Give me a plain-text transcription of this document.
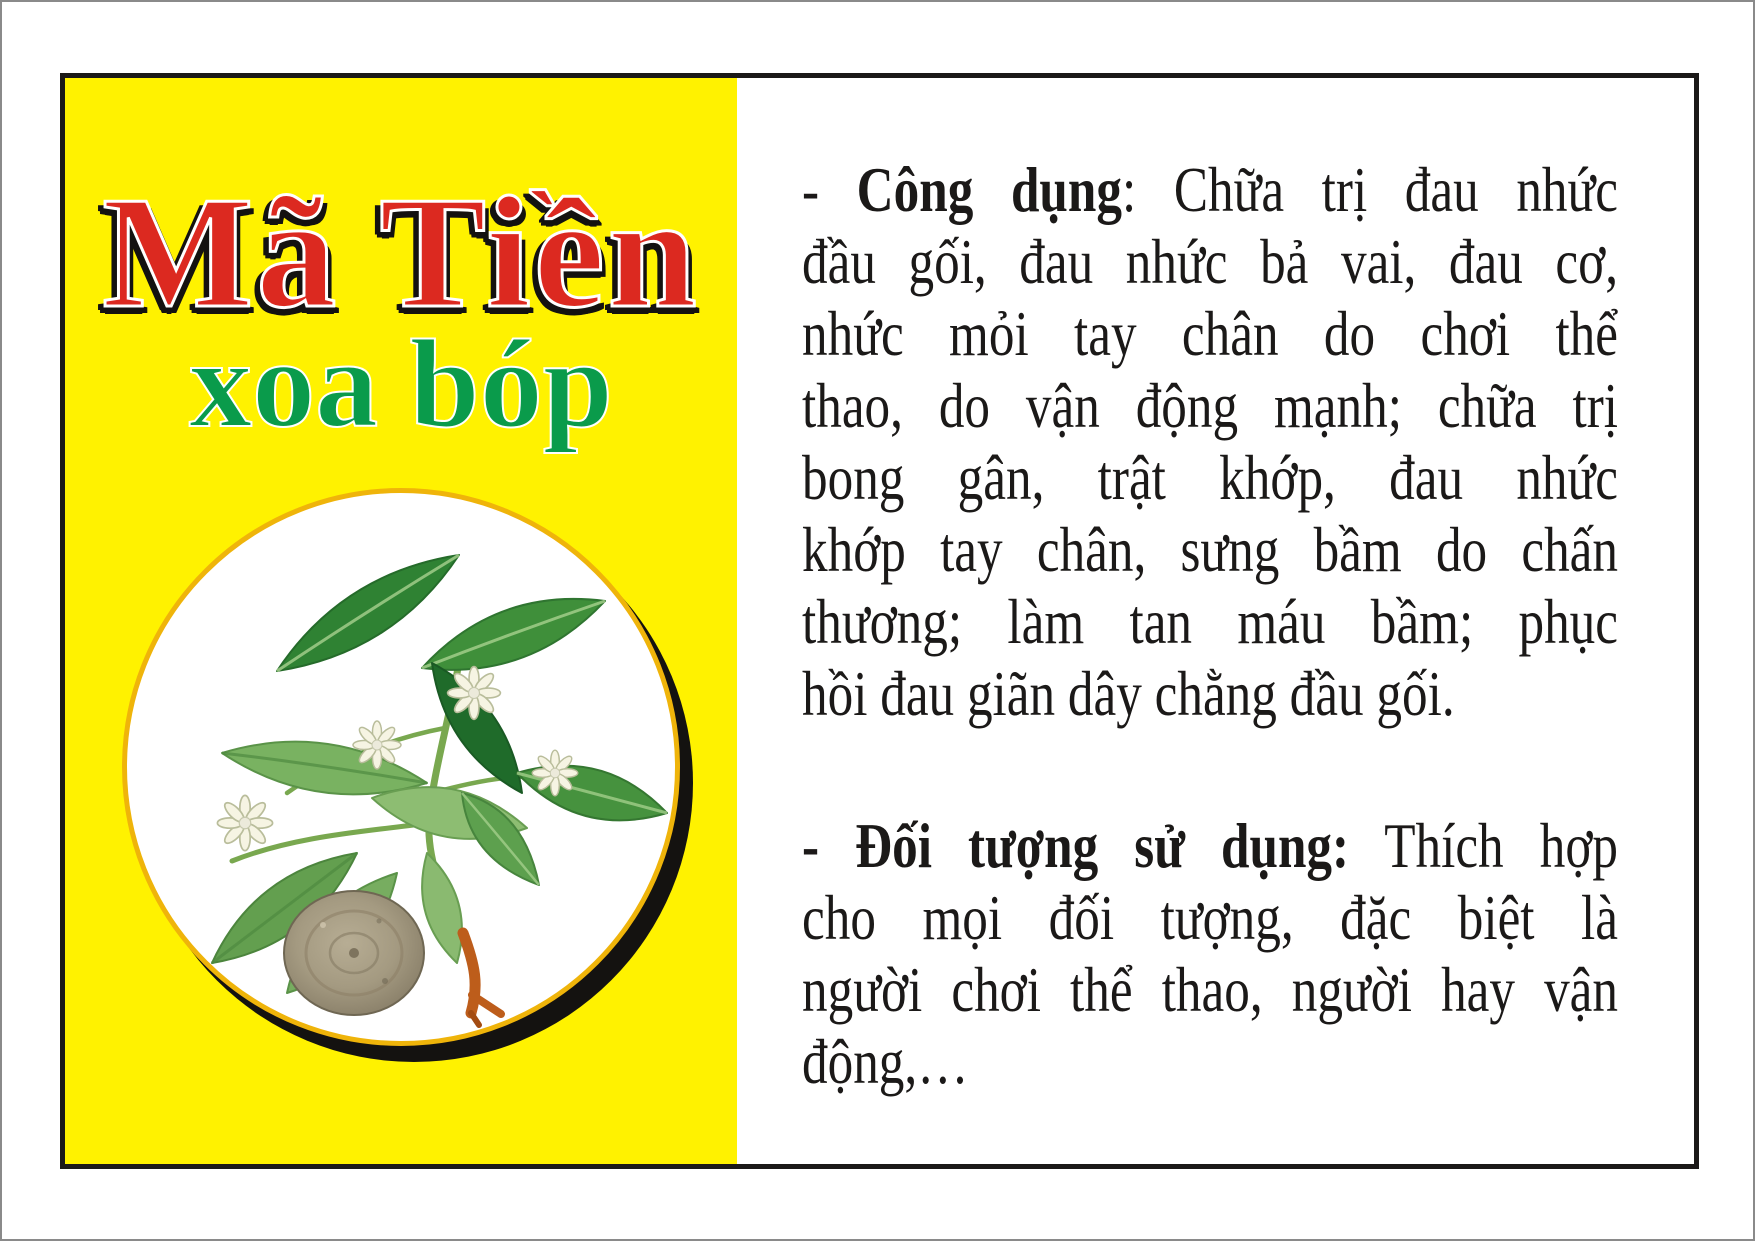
Mã Tiền
xoa bóp
- Công dụng: Chữa trị đau nhức
đầu gối, đau nhức bả vai, đau cơ,
nhức mỏi tay chân do chơi thể
thao, do vận động mạnh; chữa trị
bong gân, trật khớp, đau nhức
khớp tay chân, sưng bầm do chấn
thương; làm tan máu bầm; phục
hồi đau giãn dây chằng đầu gối.
- Đối tượng sử dụng: Thích hợp
cho mọi đối tượng, đặc biệt là
người chơi thể thao, người hay vận
động,…
